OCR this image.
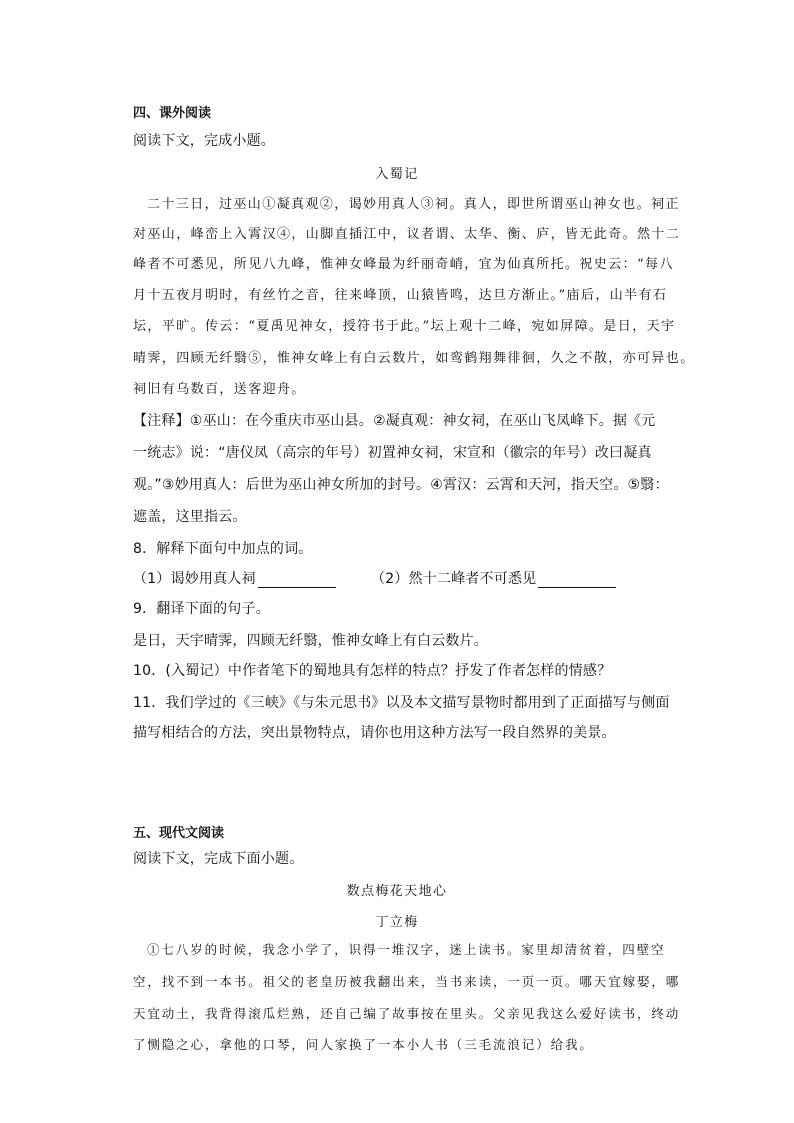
四、课外阅读
阅读下文，完成小题。
入蜀记
二十三日，过巫山①凝真观②，谒妙用真人③祠。真人，即世所谓巫山神女也。祠正
对巫山，峰峦上入霄汉④，山脚直插江中，议者谓、太华、衡、庐，皆无此奇。然十二
峰者不可悉见，所见八九峰，惟神女峰最为纤丽奇峭，宜为仙真所托。祝史云：“每八
月十五夜月明时，有丝竹之音，往来峰顶，山猿皆鸣，达旦方渐止。”庙后，山半有石
坛，平旷。传云：“夏禹见神女，授符书于此。”坛上观十二峰，宛如屏障。是日，天宇
晴霁，四顾无纤翳⑤，惟神女峰上有白云数片，如鸾鹤翔舞徘徊，久之不散，亦可异也。
祠旧有乌数百，送客迎舟。
【注释】①巫山：在今重庆市巫山县。②凝真观：神女祠，在巫山飞凤峰下。据《元
一统志》说：“唐仪凤（高宗的年号）初置神女祠，宋宣和（徽宗的年号）改曰凝真
观。”③妙用真人：后世为巫山神女所加的封号。④霄汉：云霄和天河，指天空。⑤翳：
遮盖，这里指云。
8．解释下面句中加点的词。
（1）谒妙用真人祠	（2）然十二峰者不可悉见
9．翻译下面的句子。
是日，天宇晴霁，四顾无纤翳，惟神女峰上有白云数片。
10．(入蜀记）中作者笔下的蜀地具有怎样的特点？抒发了作者怎样的情感？
11．我们学过的《三峡》《与朱元思书》以及本文描写景物时都用到了正面描写与侧面
描写相结合的方法，突出景物特点，请你也用这种方法写一段自然界的美景。
五、现代文阅读
阅读下文，完成下面小题。
数点梅花天地心
丁立梅
①七八岁的时候，我念小学了，识得一堆汉字，迷上读书。家里却清贫着，四壁空
空，找不到一本书。祖父的老皇历被我翻出来，当书来读，一页一页。哪天宜嫁娶，哪
天宜动土，我背得滚瓜烂熟，还自己编了故事按在里头。父亲见我这么爱好读书，终动
了恻隐之心，拿他的口琴，问人家换了一本小人书（三毛流浪记）给我。
